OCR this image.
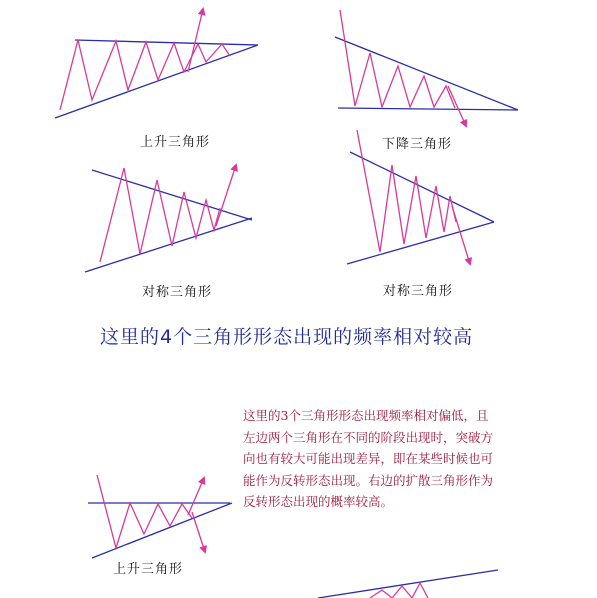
上升三角形	下降三角形
对称三角形	对称三角形
这里的4个三角形形态出现的频率相对较高
这里的3个三角形形态出现频率相对偏低，且
左边两个三角形在不同的阶段出现时，突破方
向也有较大可能出现差异，即在某些时候也可
能作为反转形态出现。右边的扩散三角形作为
反转形态出现的概率较高。
上升三角形
